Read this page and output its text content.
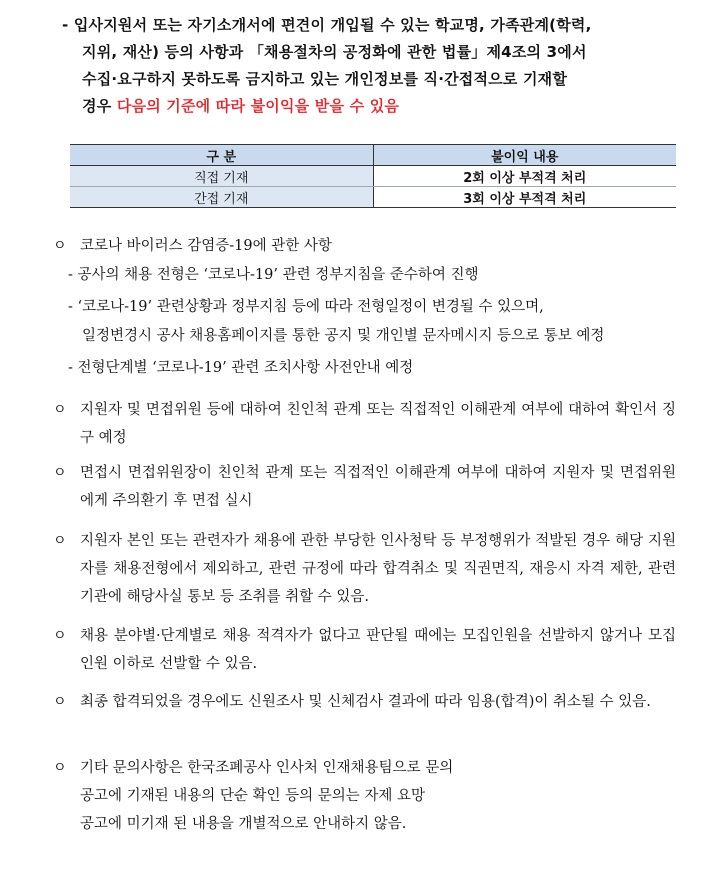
- 입사지원서 또는 자기소개서에 편견이 개입될 수 있는 학교명, 가족관계(학력,
지위, 재산) 등의 사항과 「채용절차의 공정화에 관한 법률」제4조의 3에서
수집·요구하지 못하도록 금지하고 있는 개인정보를 직·간접적으로 기재할
경우 다음의 기준에 따라 불이익을 받을 수 있음
구 분	불이익 내용
직접 기재	2회 이상 부적격 처리
간접 기재	3회 이상 부적격 처리
ㅇ 코로나 바이러스 감염증-19에 관한 사항
- 공사의 채용 전형은 ‘코로나-19’ 관련 정부지침을 준수하여 진행
- ‘코로나-19’ 관련상황과 정부지침 등에 따라 전형일정이 변경될 수 있으며,
일정변경시 공사 채용홈페이지를 통한 공지 및 개인별 문자메시지 등으로 통보 예정
- 전형단계별 ‘코로나-19’ 관련 조치사항 사전안내 예정
ㅇ 지원자 및 면접위원 등에 대하여 친인척 관계 또는 직접적인 이해관계 여부에 대하여 확인서 징구 예정
ㅇ 면접시 면접위원장이 친인척 관계 또는 직접적인 이해관계 여부에 대하여 지원자 및 면접위원에게 주의환기 후 면접 실시
ㅇ 지원자 본인 또는 관련자가 채용에 관한 부당한 인사청탁 등 부정행위가 적발된 경우 해당 지원자를 채용전형에서 제외하고, 관련 규정에 따라 합격취소 및 직권면직, 재응시 자격 제한, 관련기관에 해당사실 통보 등 조취를 취할 수 있음.
ㅇ 채용 분야별·단계별로 채용 적격자가 없다고 판단될 때에는 모집인원을 선발하지 않거나 모집인원 이하로 선발할 수 있음.
ㅇ 최종 합격되었을 경우에도 신원조사 및 신체검사 결과에 따라 임용(합격)이 취소될 수 있음.
ㅇ 기타 문의사항은 한국조폐공사 인사처 인재채용팀으로 문의
공고에 기재된 내용의 단순 확인 등의 문의는 자제 요망
공고에 미기재 된 내용을 개별적으로 안내하지 않음.
